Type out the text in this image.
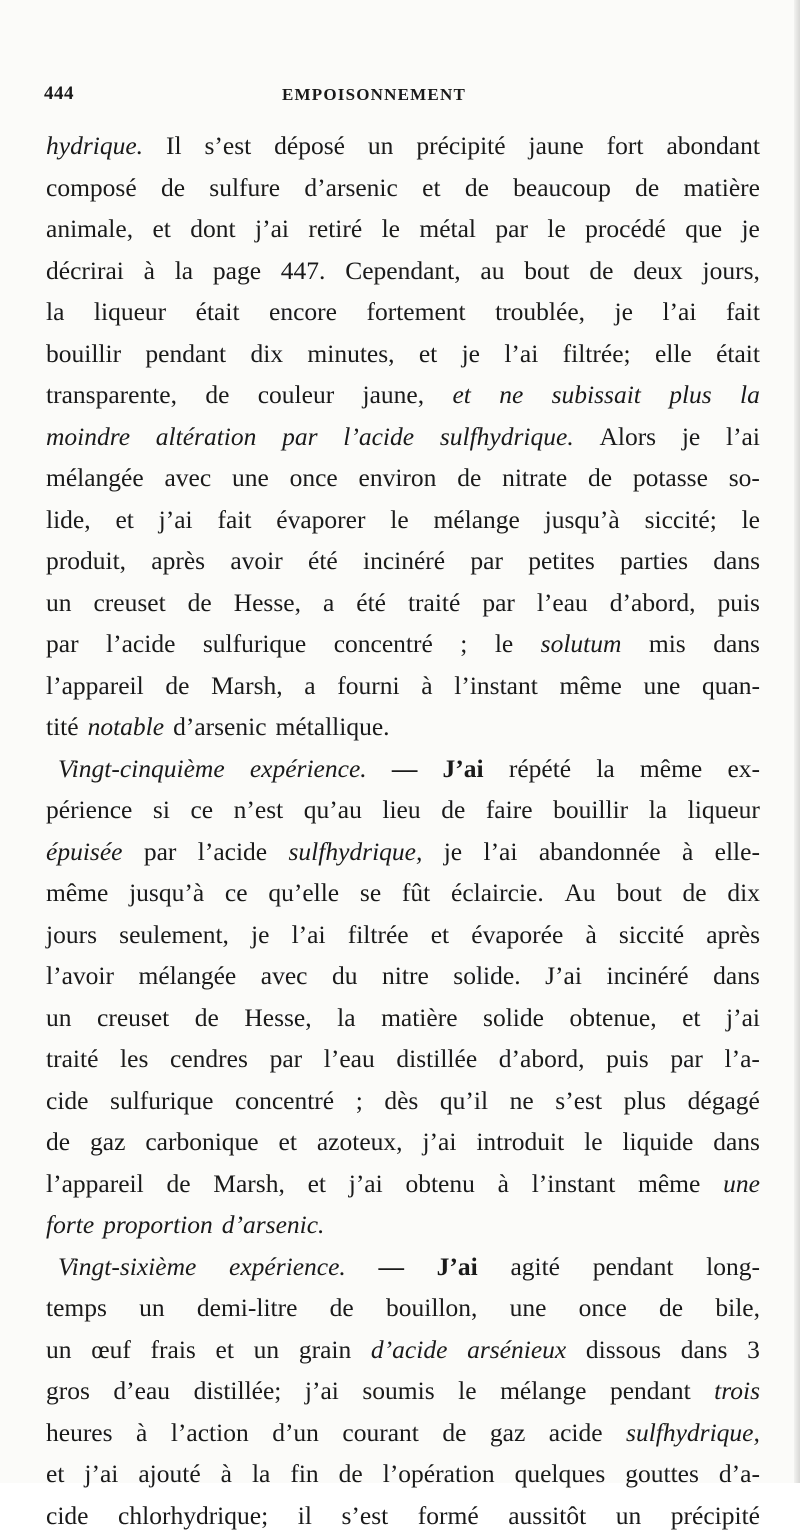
444	EMPOISONNEMENT
hydrique. Il s’est déposé un précipité jaune fort abondant
composé de sulfure d’arsenic et de beaucoup de matière
animale, et dont j’ai retiré le métal par le procédé que je
décrirai à la page 447. Cependant, au bout de deux jours,
la liqueur était encore fortement troublée, je l’ai fait
bouillir pendant dix minutes, et je l’ai filtrée; elle était
transparente, de couleur jaune, et ne subissait plus la
moindre altération par l’acide sulfhydrique. Alors je l’ai
mélangée avec une once environ de nitrate de potasse so-
lide, et j’ai fait évaporer le mélange jusqu’à siccité; le
produit, après avoir été incinéré par petites parties dans
un creuset de Hesse, a été traité par l’eau d’abord, puis
par l’acide sulfurique concentré ; le solutum mis dans
l’appareil de Marsh, a fourni à l’instant même une quan-
tité notable d’arsenic métallique.
Vingt-cinquième expérience. — J’ai répété la même ex-
périence si ce n’est qu’au lieu de faire bouillir la liqueur
épuisée par l’acide sulfhydrique, je l’ai abandonnée à elle-
même jusqu’à ce qu’elle se fût éclaircie. Au bout de dix
jours seulement, je l’ai filtrée et évaporée à siccité après
l’avoir mélangée avec du nitre solide. J’ai incinéré dans
un creuset de Hesse, la matière solide obtenue, et j’ai
traité les cendres par l’eau distillée d’abord, puis par l’a-
cide sulfurique concentré ; dès qu’il ne s’est plus dégagé
de gaz carbonique et azoteux, j’ai introduit le liquide dans
l’appareil de Marsh, et j’ai obtenu à l’instant même une
forte proportion d’arsenic.
Vingt-sixième expérience. — J’ai agité pendant long-
temps un demi-litre de bouillon, une once de bile,
un œuf frais et un grain d’acide arsénieux dissous dans 3
gros d’eau distillée; j’ai soumis le mélange pendant trois
heures à l’action d’un courant de gaz acide sulfhydrique,
et j’ai ajouté à la fin de l’opération quelques gouttes d’a-
cide chlorhydrique; il s’est formé aussitôt un précipité
